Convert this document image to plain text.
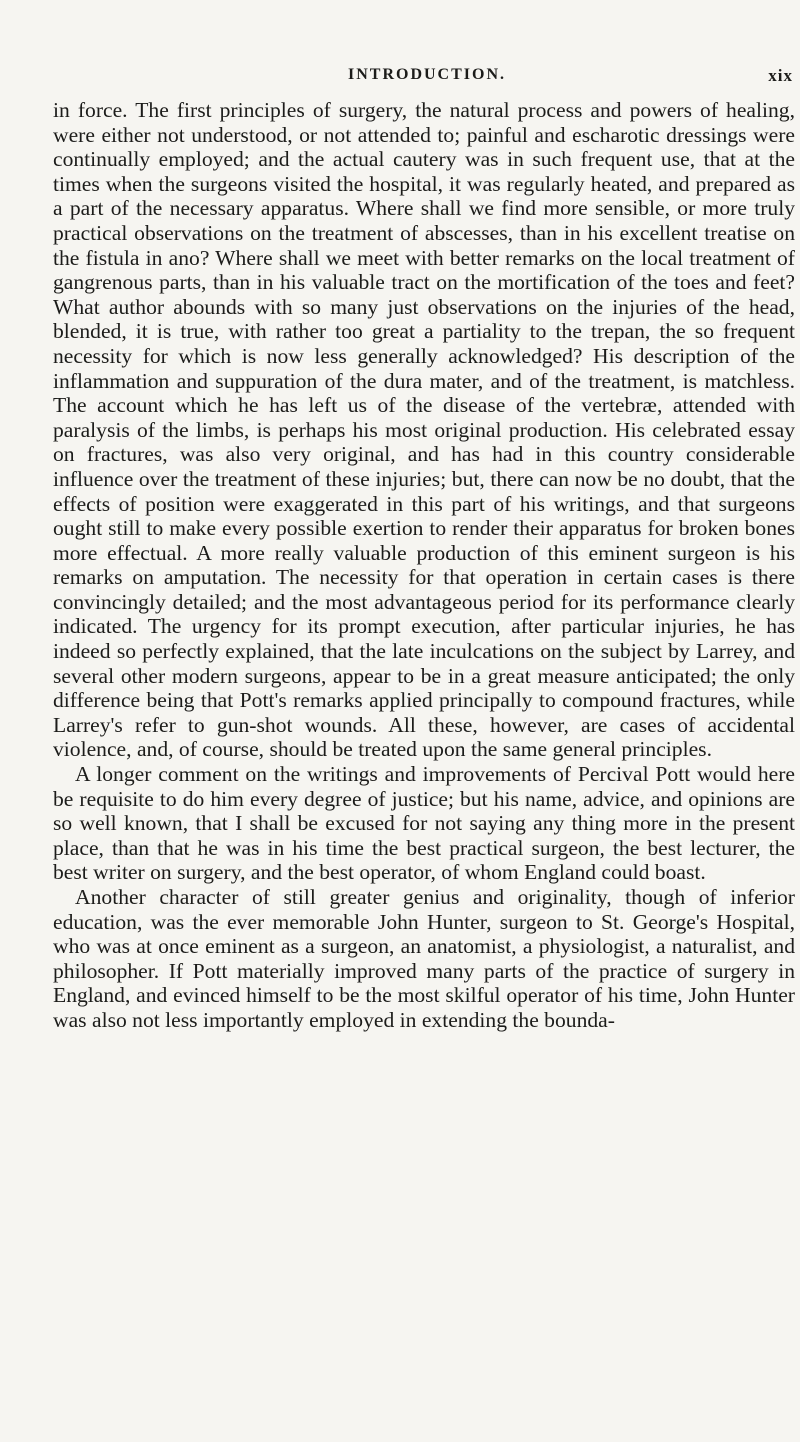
INTRODUCTION.	xix

in force. The first principles of surgery, the natural process and powers of healing, were either not understood, or not attended to; painful and escharotic dressings were continually employed; and the actual cautery was in such frequent use, that at the times when the surgeons visited the hospital, it was regularly heated, and prepared as a part of the necessary apparatus. Where shall we find more sensible, or more truly practical observations on the treatment of abscesses, than in his excellent treatise on the fistula in ano? Where shall we meet with better remarks on the local treatment of gangrenous parts, than in his valuable tract on the mortification of the toes and feet? What author abounds with so many just observations on the injuries of the head, blended, it is true, with rather too great a partiality to the trepan, the so frequent necessity for which is now less generally acknowledged? His description of the inflammation and suppuration of the dura mater, and of the treatment, is matchless. The account which he has left us of the disease of the vertebræ, attended with paralysis of the limbs, is perhaps his most original production. His celebrated essay on fractures, was also very original, and has had in this country considerable influence over the treatment of these injuries; but, there can now be no doubt, that the effects of position were exaggerated in this part of his writings, and that surgeons ought still to make every possible exertion to render their apparatus for broken bones more effectual. A more really valuable production of this eminent surgeon is his remarks on amputation. The necessity for that operation in certain cases is there convincingly detailed; and the most advantageous period for its performance clearly indicated. The urgency for its prompt execution, after particular injuries, he has indeed so perfectly explained, that the late inculcations on the subject by Larrey, and several other modern surgeons, appear to be in a great measure anticipated; the only difference being that Pott's remarks applied principally to compound fractures, while Larrey's refer to gun-shot wounds. All these, however, are cases of accidental violence, and, of course, should be treated upon the same general principles.

A longer comment on the writings and improvements of Percival Pott would here be requisite to do him every degree of justice; but his name, advice, and opinions are so well known, that I shall be excused for not saying any thing more in the present place, than that he was in his time the best practical surgeon, the best lecturer, the best writer on surgery, and the best operator, of whom England could boast.

Another character of still greater genius and originality, though of inferior education, was the ever memorable John Hunter, surgeon to St. George's Hospital, who was at once eminent as a surgeon, an anatomist, a physiologist, a naturalist, and philosopher. If Pott materially improved many parts of the practice of surgery in England, and evinced himself to be the most skilful operator of his time, John Hunter was also not less importantly employed in extending the bounda-
